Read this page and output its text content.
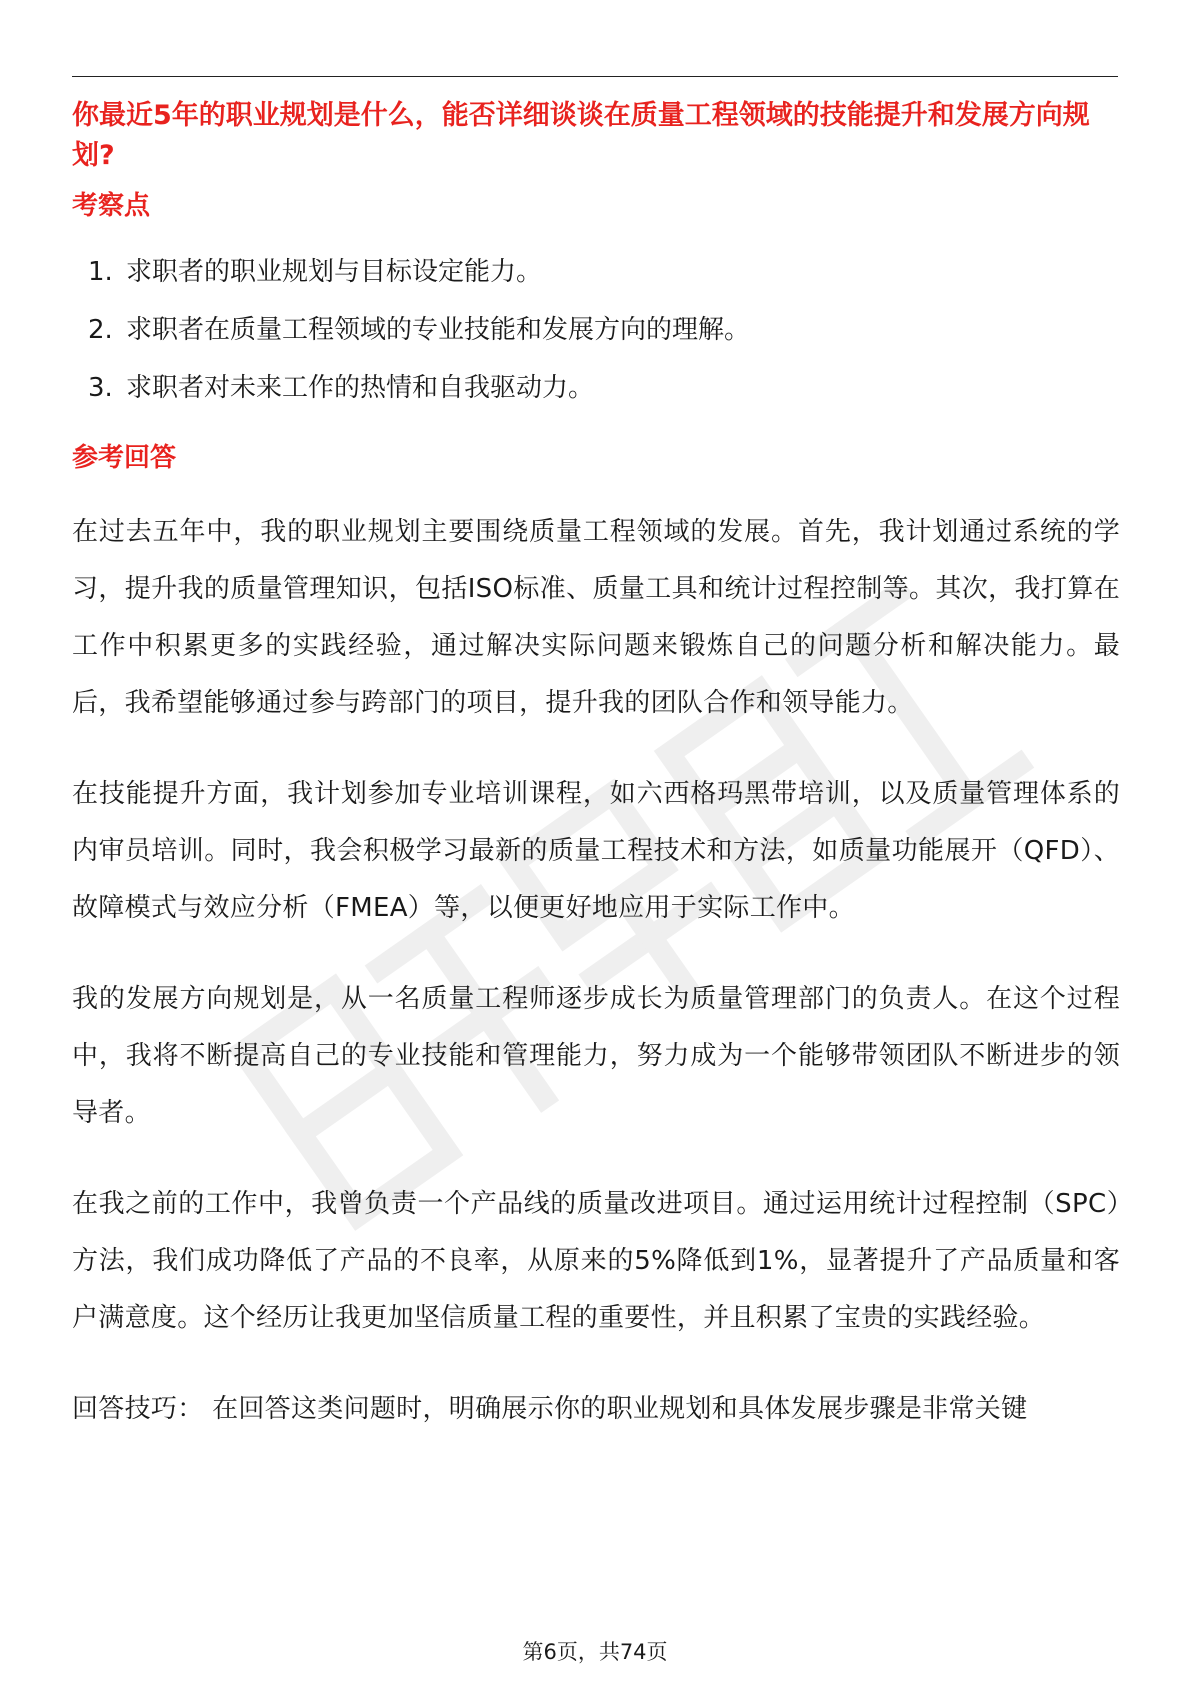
你最近5年的职业规划是什么，能否详细谈谈在质量工程领域的技能提升和发展方向规划?

考察点
1. 求职者的职业规划与目标设定能力。
2. 求职者在质量工程领域的专业技能和发展方向的理解。
3. 求职者对未来工作的热情和自我驱动力。
参考回答

在过去五年中，我的职业规划主要围绕质量工程领域的发展。首先，我计划通过系统的学习，提升我的质量管理知识，包括ISO标准、质量工具和统计过程控制等。其次，我打算在工作中积累更多的实践经验，通过解决实际问题来锻炼自己的问题分析和解决能力。最后，我希望能够通过参与跨部门的项目，提升我的团队合作和领导能力。

在技能提升方面，我计划参加专业培训课程，如六西格玛黑带培训，以及质量管理体系的内审员培训。同时，我会积极学习最新的质量工程技术和方法，如质量功能展开（QFD）、故障模式与效应分析（FMEA）等，以便更好地应用于实际工作中。

我的发展方向规划是，从一名质量工程师逐步成长为质量管理部门的负责人。在这个过程中，我将不断提高自己的专业技能和管理能力，努力成为一个能够带领团队不断进步的领导者。

在我之前的工作中，我曾负责一个产品线的质量改进项目。通过运用统计过程控制（SPC）方法，我们成功降低了产品的不良率，从原来的5%降低到1%，显著提升了产品质量和客户满意度。这个经历让我更加坚信质量工程的重要性，并且积累了宝贵的实践经验。

回答技巧： 在回答这类问题时，明确展示你的职业规划和具体发展步骤是非常关键

第6页，共74页
